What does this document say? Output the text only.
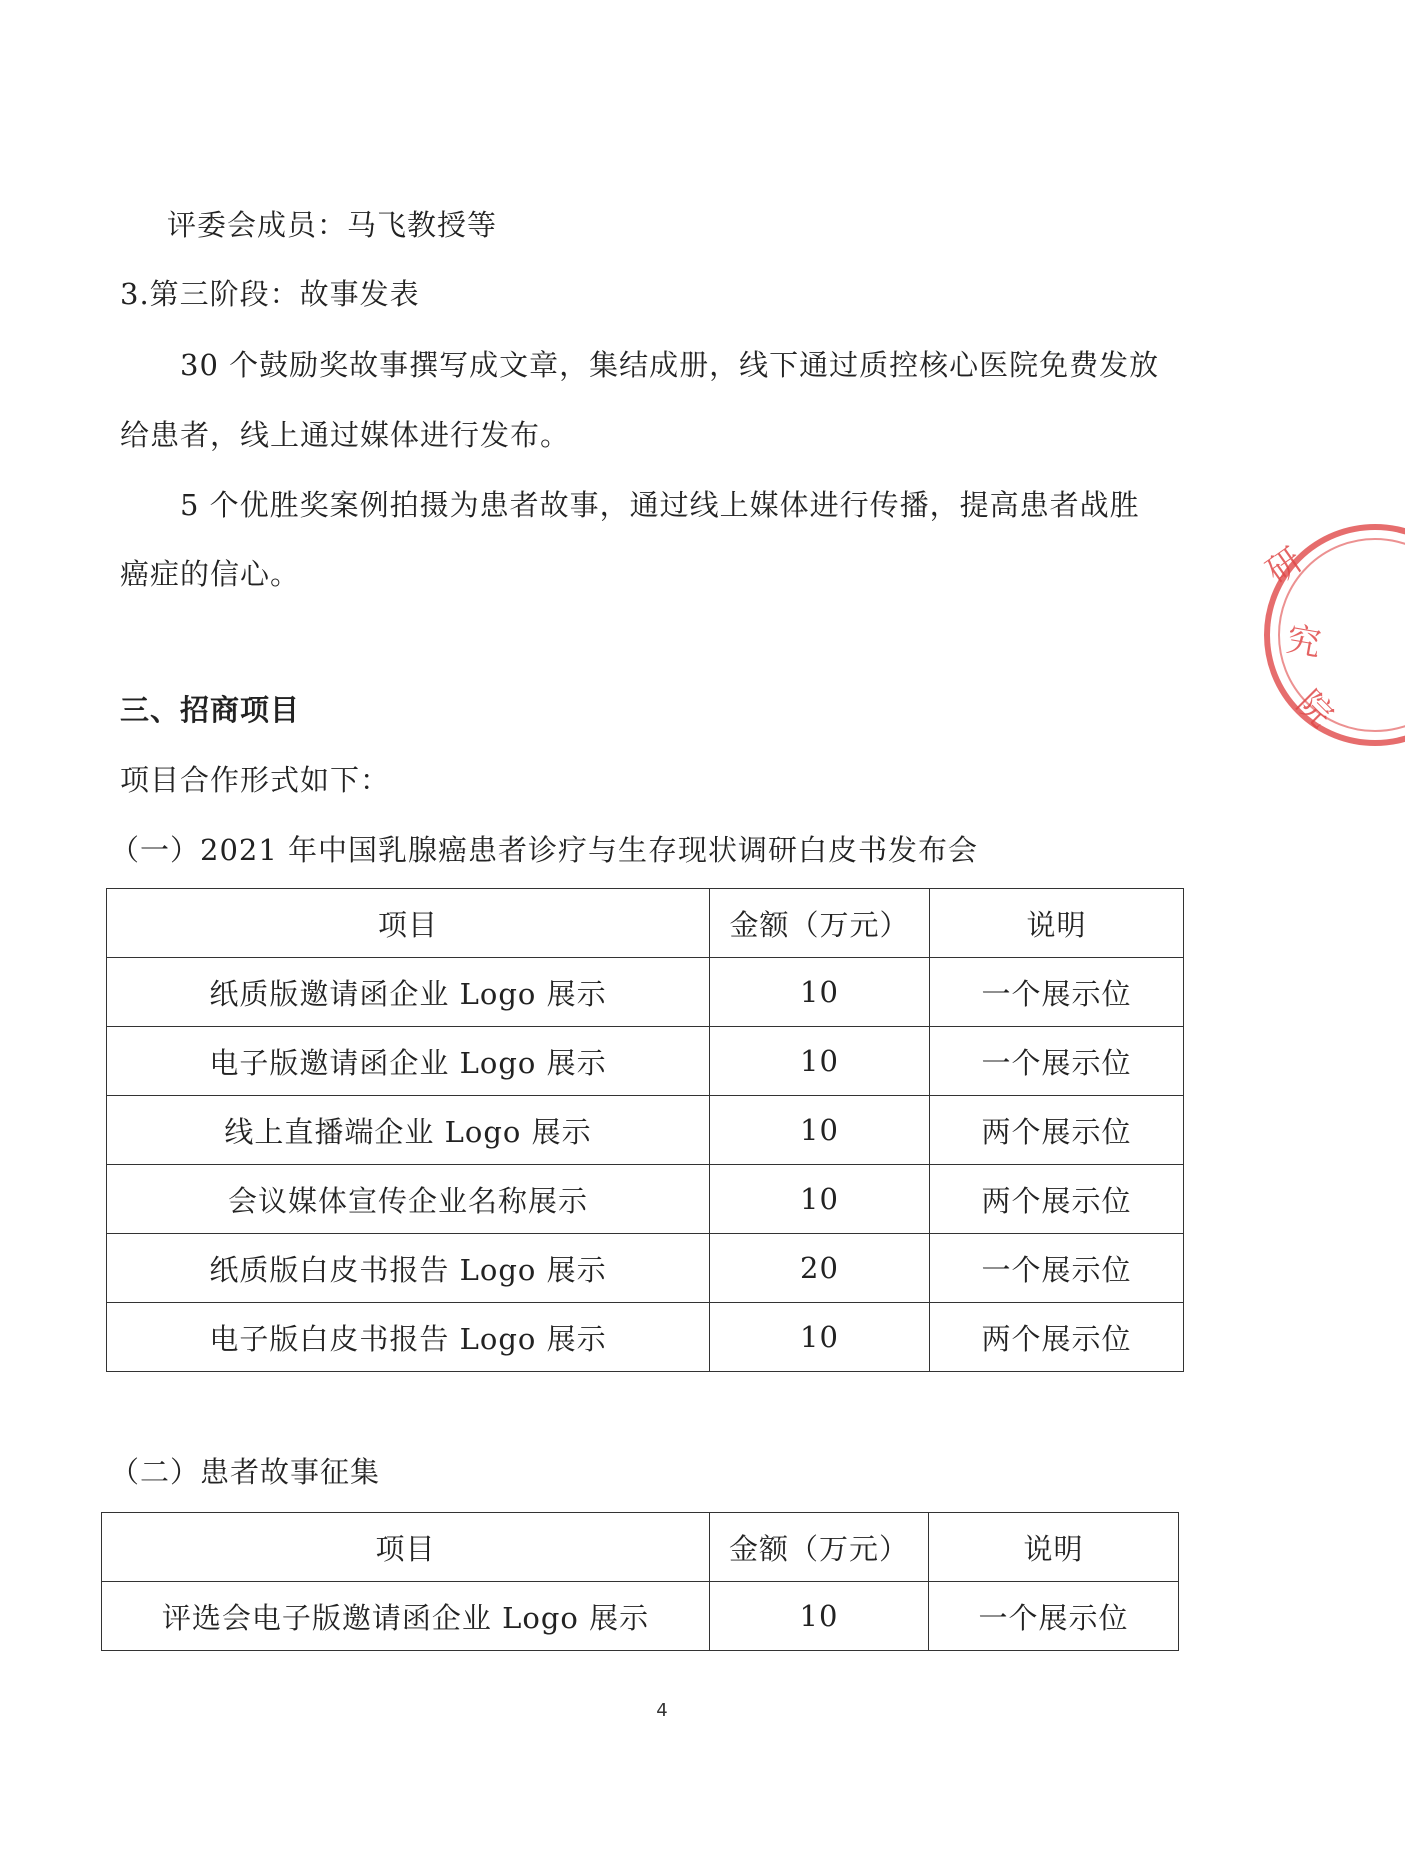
评委会成员：马飞教授等
3.第三阶段：故事发表
30 个鼓励奖故事撰写成文章，集结成册，线下通过质控核心医院免费发放
给患者，线上通过媒体进行发布。
5 个优胜奖案例拍摄为患者故事，通过线上媒体进行传播，提高患者战胜
癌症的信心。
三、招商项目
项目合作形式如下：
（一）2021 年中国乳腺癌患者诊疗与生存现状调研白皮书发布会
项目	金额（万元）	说明
纸质版邀请函企业 Logo 展示	10	一个展示位
电子版邀请函企业 Logo 展示	10	一个展示位
线上直播端企业 Logo 展示	10	两个展示位
会议媒体宣传企业名称展示	10	两个展示位
纸质版白皮书报告 Logo 展示	20	一个展示位
电子版白皮书报告 Logo 展示	10	两个展示位
（二）患者故事征集
项目	金额（万元）	说明
评选会电子版邀请函企业 Logo 展示	10	一个展示位
4
研
究
院
